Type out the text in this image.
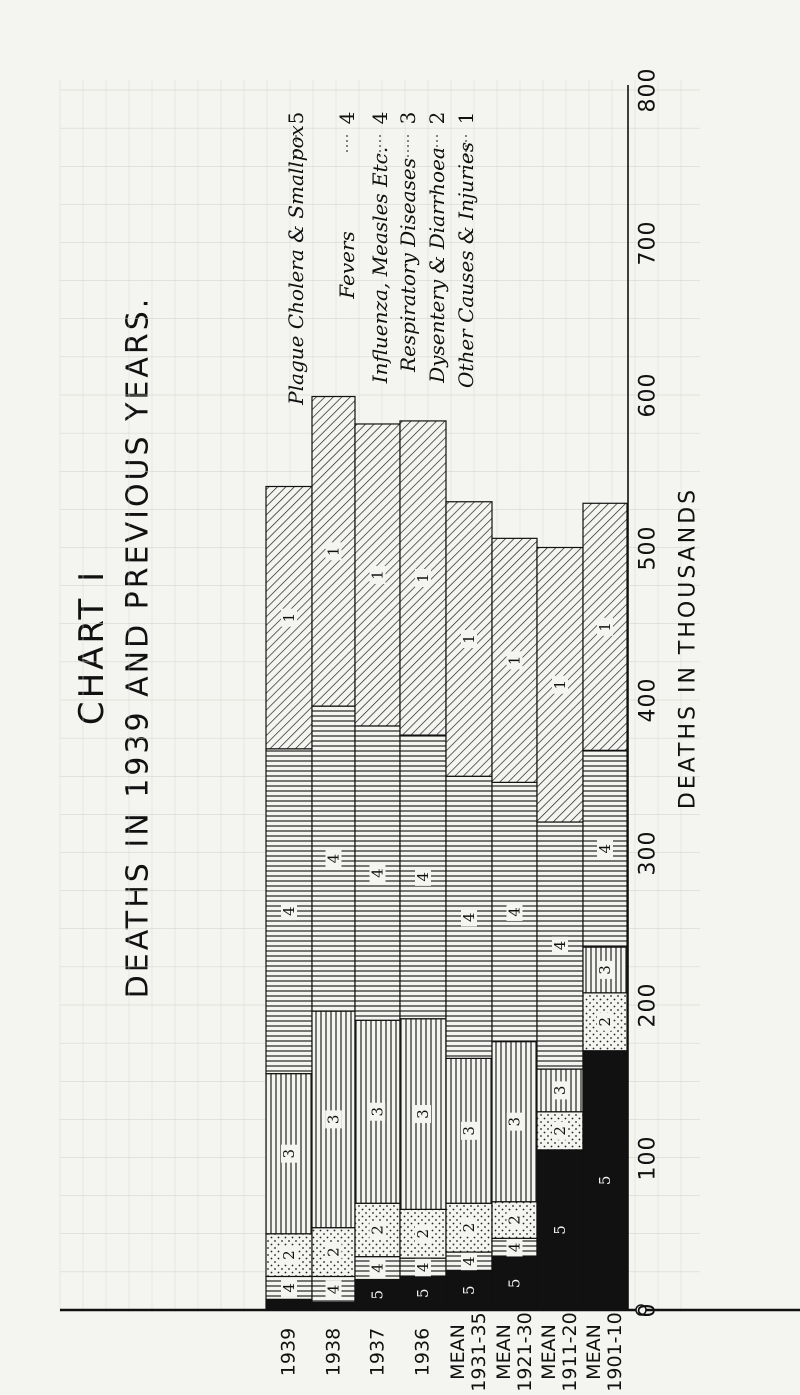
CHART I DEATHS IN 1939 AND PREVIOUS YEARS.
4
2
3
4
1
4
2
3
4
1
5
4
2
3
4
1
5
4
2
3
4
1
5
4
2
3
4
1
5
4
2
3
4
1
5
2
3
4
1
5
2
3
4
1
0
100
200
300
400
500
600
700
800
1939 1938 1937 1936 MEAN 1931-35 MEAN 1921-30 MEAN 1911-20 MEAN 1901-10
Plague Cholera & Smallpox
5
Fevers
4
Influenza, Measles Etc.
4
Respiratory Diseases
3
Dysentery & Diarrhoea
2
Other Causes & Injuries
1
DEATHS IN THOUSANDS
